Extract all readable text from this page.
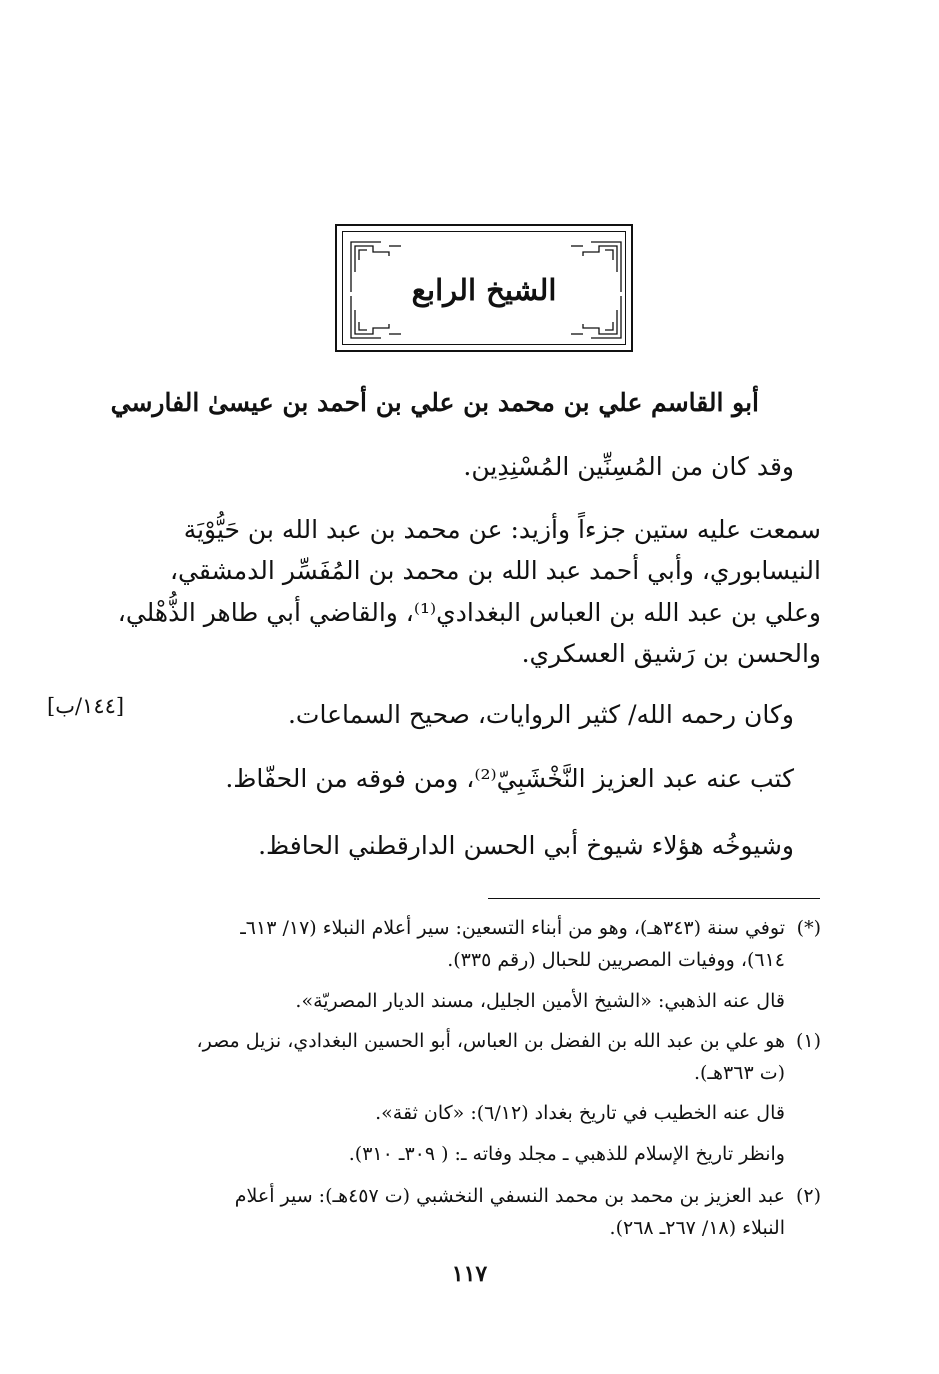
الشيخ الرابع
أبو القاسم علي بن محمد بن علي بن أحمد بن عيسىٰ الفارسي
وقد كان من المُسِنِّين المُسْنِدِين.
سمعت عليه ستين جزءاً وأزيد: عن محمد بن عبد الله بن حَيُّوْيَة
النيسابوري، وأبي أحمد عبد الله بن محمد بن المُفَسِّر الدمشقي،
وعلي بن عبد الله بن العباس البغدادي⁽¹⁾، والقاضي أبي طاهر الذُّهْلي،
والحسن بن رَشيق العسكري.
وكان رحمه الله/ كثير الروايات، صحيح السماعات.
كتب عنه عبد العزيز النَّخْشَبِيّ⁽²⁾، ومن فوقه من الحفّاظ.
وشيوخُه هؤلاء شيوخ أبي الحسن الدارقطني الحافظ.
[١٤٤/ب]
(*)
توفي سنة (٣٤٣هـ)، وهو من أبناء التسعين: سير أعلام النبلاء (١٧/ ٦١٣ـ
٦١٤)، ووفيات المصريين للحبال (رقم ٣٣٥).
قال عنه الذهبي: «الشيخ الأمين الجليل، مسند الديار المصريّة».
(١)
هو علي بن عبد الله بن الفضل بن العباس، أبو الحسين البغدادي، نزيل مصر،
(ت ٣٦٣هـ).
قال عنه الخطيب في تاريخ بغداد (٦/١٢): «كان ثقة».
وانظر تاريخ الإسلام للذهبي ـ مجلد وفاته ـ: ( ٣٠٩ـ ٣١٠).
(٢)
عبد العزيز بن محمد بن محمد النسفي النخشبي (ت ٤٥٧هـ): سير أعلام
النبلاء (١٨/ ٢٦٧ـ ٢٦٨).
١١٧
